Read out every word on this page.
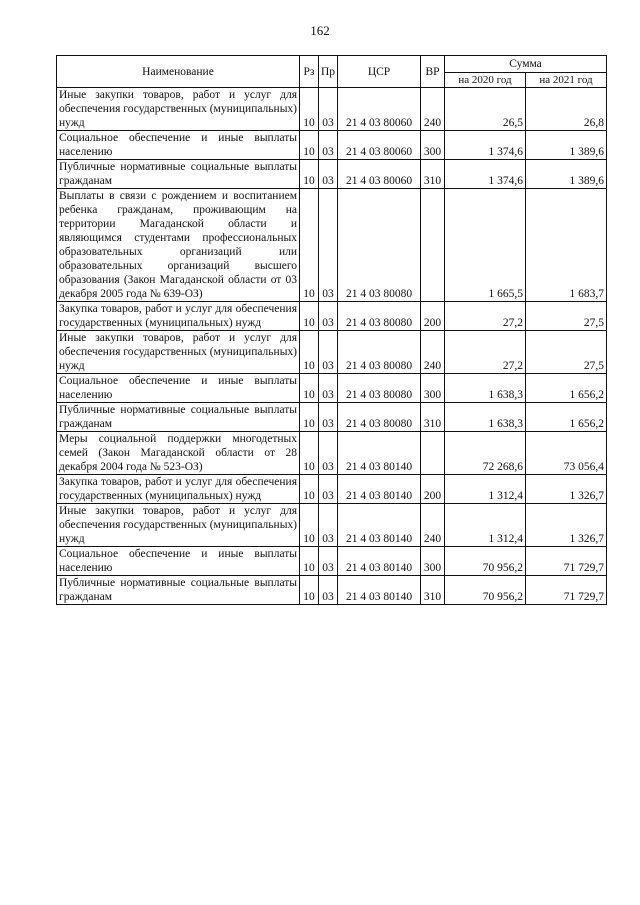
162
Наименование	Рз	Пр	ЦСР	ВР	Сумма	
					на 2020 год	на 2021 год
Иные закупки товаров, работ и услуг для обеспечения государственных (муниципальных) нужд	10	03	21 4 03 80060	240	26,5	26,8
Социальное обеспечение и иные выплаты населению	10	03	21 4 03 80060	300	1 374,6	1 389,6
Публичные нормативные социальные выплаты гражданам	10	03	21 4 03 80060	310	1 374,6	1 389,6
Выплаты в связи с рождением и воспитанием ребенка гражданам, проживающим на территории Магаданской области и являющимся студентами профессиональных образовательных организаций или образовательных организаций высшего образования (Закон Магаданской области от 03 декабря 2005 года № 639-ОЗ)	10	03	21 4 03 80080		1 665,5	1 683,7
Закупка товаров, работ и услуг для обеспечения государственных (муниципальных) нужд	10	03	21 4 03 80080	200	27,2	27,5
Иные закупки товаров, работ и услуг для обеспечения государственных (муниципальных) нужд	10	03	21 4 03 80080	240	27,2	27,5
Социальное обеспечение и иные выплаты населению	10	03	21 4 03 80080	300	1 638,3	1 656,2
Публичные нормативные социальные выплаты гражданам	10	03	21 4 03 80080	310	1 638,3	1 656,2
Меры социальной поддержки многодетных семей (Закон Магаданской области от 28 декабря 2004 года № 523-ОЗ)	10	03	21 4 03 80140		72 268,6	73 056,4
Закупка товаров, работ и услуг для обеспечения государственных (муниципальных) нужд	10	03	21 4 03 80140	200	1 312,4	1 326,7
Иные закупки товаров, работ и услуг для обеспечения государственных (муниципальных) нужд	10	03	21 4 03 80140	240	1 312,4	1 326,7
Социальное обеспечение и иные выплаты населению	10	03	21 4 03 80140	300	70 956,2	71 729,7
Публичные нормативные социальные выплаты гражданам	10	03	21 4 03 80140	310	70 956,2	71 729,7
